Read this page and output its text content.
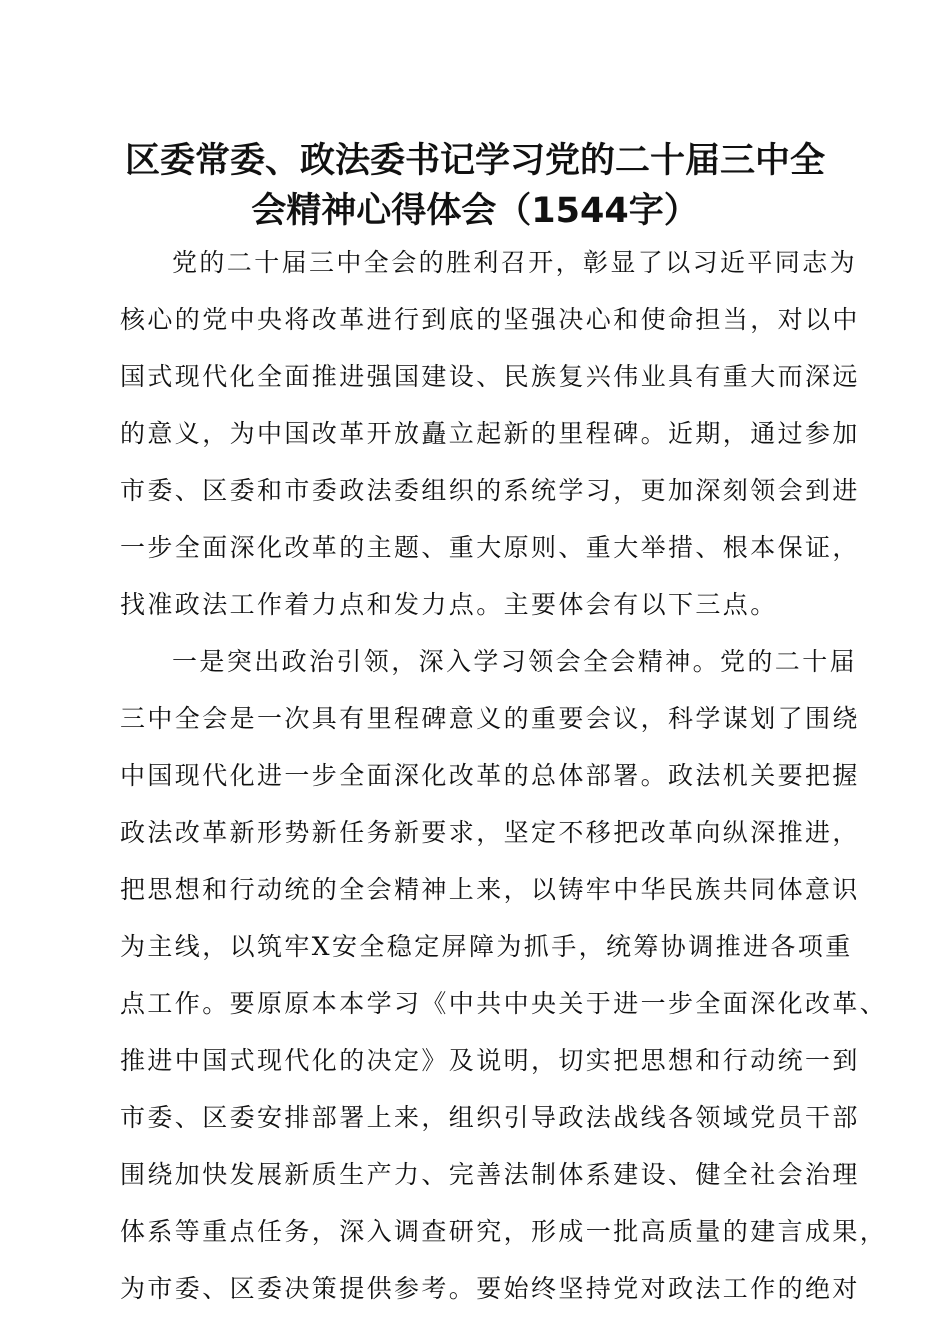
区委常委、政法委书记学习党的二十届三中全
会精神心得体会（1544字）
党的二十届三中全会的胜利召开，彰显了以习近平同志为
核心的党中央将改革进行到底的坚强决心和使命担当，对以中
国式现代化全面推进强国建设、民族复兴伟业具有重大而深远
的意义，为中国改革开放矗立起新的里程碑。近期，通过参加
市委、区委和市委政法委组织的系统学习，更加深刻领会到进
一步全面深化改革的主题、重大原则、重大举措、根本保证，
找准政法工作着力点和发力点。主要体会有以下三点。
一是突出政治引领，深入学习领会全会精神。党的二十届
三中全会是一次具有里程碑意义的重要会议，科学谋划了围绕
中国现代化进一步全面深化改革的总体部署。政法机关要把握
政法改革新形势新任务新要求，坚定不移把改革向纵深推进，
把思想和行动统的全会精神上来，以铸牢中华民族共同体意识
为主线，以筑牢X安全稳定屏障为抓手，统筹协调推进各项重
点工作。要原原本本学习《中共中央关于进一步全面深化改革、
推进中国式现代化的决定》及说明，切实把思想和行动统一到
市委、区委安排部署上来，组织引导政法战线各领域党员干部
围绕加快发展新质生产力、完善法制体系建设、健全社会治理
体系等重点任务，深入调查研究，形成一批高质量的建言成果，
为市委、区委决策提供参考。要始终坚持党对政法工作的绝对
